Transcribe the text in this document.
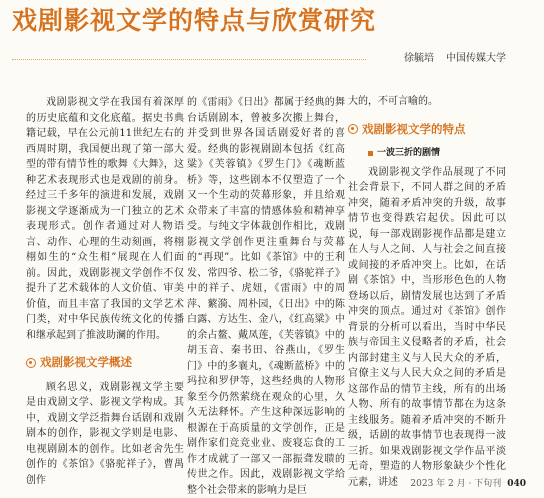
戏剧影视文学的特点与欣赏研究
徐毓培 中国传媒大学

戏剧影视文学在我国有着深厚的历史底蕴和文化底蕴。据史书典籍记载，早在公元前11世纪左右的西周时期，我国便出现了第一部大型的带有情节性的歌舞《大舞》，这种艺术表现形式也是戏剧的前身。经过三千多年的演进和发展，戏剧影视文学逐渐成为一门独立的艺术表现形式。创作者通过对人物语言、动作、心理的生动刻画，将栩栩如生的“众生相”展现在人们面前。因此，戏剧影视文学创作不仅提升了艺术载体的人文价值、审美价值，而且丰富了我国的文学艺术门类，对中华民族传统文化的传播和继承起到了推波助澜的作用。

戏剧影视文学概述

顾名思义，戏剧影视文学主要是由戏剧文学、影视文学构成。其中，戏剧文学泛指舞台话剧和戏剧剧本的创作，影视文学则是电影、电视剧剧本的创作。比如老舍先生创作的《茶馆》《骆驼祥子》，曹禺创作

的《雷雨》《日出》都属于经典的舞台话剧剧本，曾被多次搬上舞台，并受到世界各国话剧爱好者的喜爱。经典的影视剧剧本包括《红高粱》《芙蓉镇》《罗生门》《魂断蓝桥》等，这些剧本不仅塑造了一个又一个生动的荧幕形象，并且给观众带来了丰富的情感体验和精神享受。与纯文字体裁创作相比，戏剧影视文学创作更注重舞台与荧幕的“再现”。比如《茶馆》中的王利发、常四爷、松二爷，《骆驼祥子》中的祥子、虎妞，《雷雨》中的周萍、蘩漪、周朴园，《日出》中的陈白露、方达生、金八，《红高粱》中的余占鳌、戴凤莲，《芙蓉镇》中的胡玉音、秦书田、谷燕山，《罗生门》中的多襄丸，《魂断蓝桥》中的玛拉和罗伊等，这些经典的人物形象至今仍然萦绕在观众的心里，久久无法释怀。产生这种深远影响的根源在于高质量的文学创作，正是剧作家们竞竞业业、废寝忘食的工作才成就了一部又一部振聋发聩的传世之作。因此，戏剧影视文学给整个社会带来的影响力是巨

大的，不可言喻的。

戏剧影视文学的特点
一波三折的剧情

戏剧影视文学作品展现了不同社会背景下，不同人群之间的矛盾冲突，随着矛盾冲突的升级，故事情节也变得跌宕起伏。因此可以说，每一部戏剧影视作品都是建立在人与人之间、人与社会之间直接或间接的矛盾冲突上。比如，在话剧《茶馆》中，当形形色色的人物登场以后，剧情发展也达到了矛盾冲突的顶点。通过对《茶馆》创作背景的分析可以看出，当时中华民族与帝国主义侵略者的矛盾，社会内部封建主义与人民大众的矛盾，官僚主义与人民大众之间的矛盾是这部作品的情节主线，所有的出场人物、所有的故事情节都在为这条主线服务。随着矛盾冲突的不断升级，话剧的故事情节也表现得一波三折。如果戏剧影视文学作品平淡无奇，塑造的人物形象缺少个性化元素，讲述	2023 年 2 月 · 下旬刊 040
